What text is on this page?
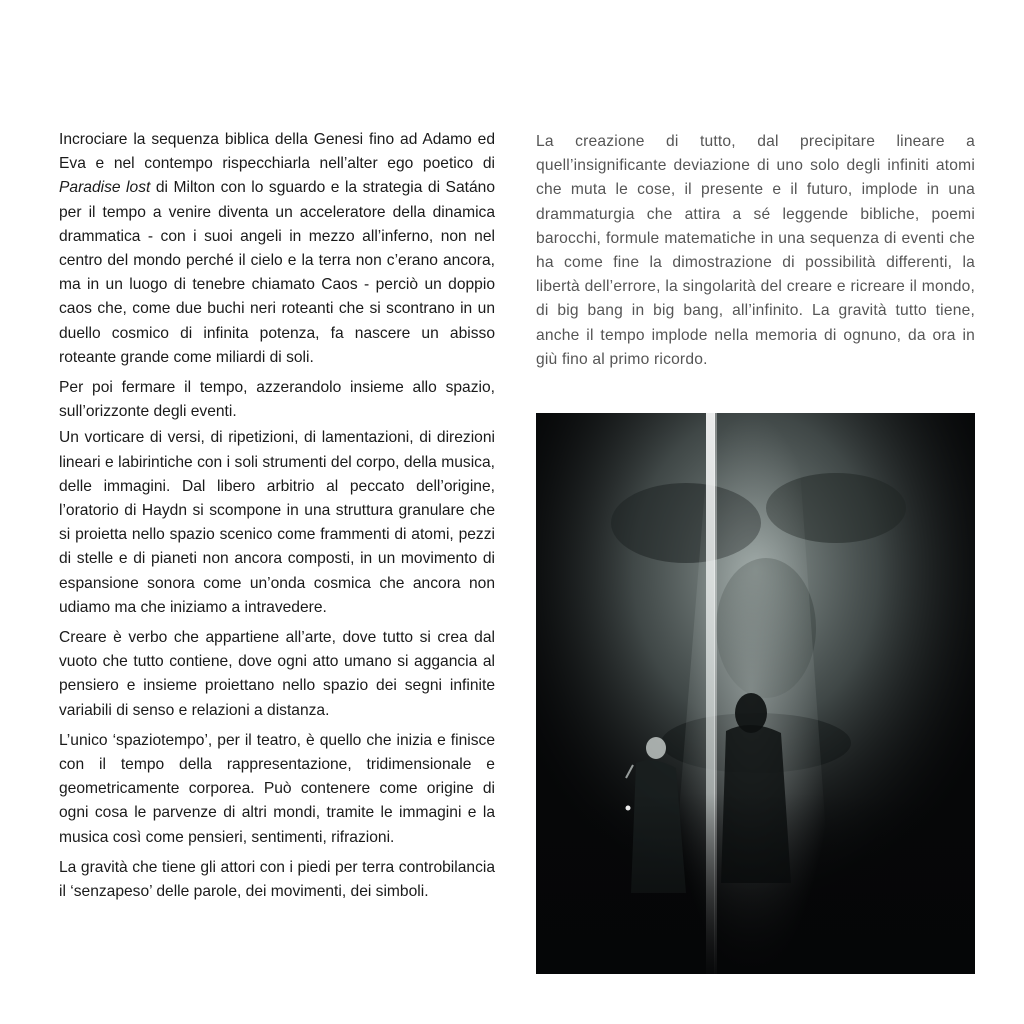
Incrociare la sequenza biblica della Genesi fino ad Adamo ed Eva e nel contempo rispecchiarla nell’alter ego poetico di Paradise lost di Milton con lo sguardo e la strategia di Satáno per il tempo a venire diventa un acceleratore della dinamica drammatica - con i suoi angeli in mezzo all’inferno, non nel centro del mondo perché il cielo e la terra non c’erano ancora, ma in un luogo di tenebre chiamato Caos - perciò un doppio caos che, come due buchi neri roteanti che si scontrano in un duello cosmico di infinita potenza, fa nascere un abisso roteante grande come miliardi di soli.

Per poi fermare il tempo, azzerandolo insieme allo spazio, sull’orizzonte degli eventi.

Un vorticare di versi, di ripetizioni, di lamentazioni, di direzioni lineari e labirintiche con i soli strumenti del corpo, della musica, delle immagini. Dal libero arbitrio al peccato dell’origine, l’oratorio di Haydn si scompone in una struttura granulare che si proietta nello spazio scenico come frammenti di atomi, pezzi di stelle e di pianeti non ancora composti, in un movimento di espansione sonora come un’onda cosmica che ancora non udiamo ma che iniziamo a intravedere.

Creare è verbo che appartiene all’arte, dove tutto si crea dal vuoto che tutto contiene, dove ogni atto umano si aggancia al pensiero e insieme proiettano nello spazio dei segni infinite variabili di senso e relazioni a distanza.

L’unico ‘spaziotempo’, per il teatro, è quello che inizia e finisce con il tempo della rappresentazione, tridimensionale e geometricamente corporea. Può contenere come origine di ogni cosa le parvenze di altri mondi, tramite le immagini e la musica così come pensieri, sentimenti, rifrazioni.

La gravità che tiene gli attori con i piedi per terra controbilancia il ‘senzapeso’ delle parole, dei movimenti, dei simboli.

La creazione di tutto, dal precipitare lineare a quell’insignificante deviazione di uno solo degli infiniti atomi che muta le cose, il presente e il futuro, implode in una drammaturgia che attira a sé leggende bibliche, poemi barocchi, formule matematiche in una sequenza di eventi che ha come fine la dimostrazione di possibilità differenti, la libertà dell’errore, la singolarità del creare e ricreare il mondo, di big bang in big bang, all’infinito. La gravità tutto tiene, anche il tempo implode nella memoria di ognuno, da ora in giù fino al primo ricordo.
